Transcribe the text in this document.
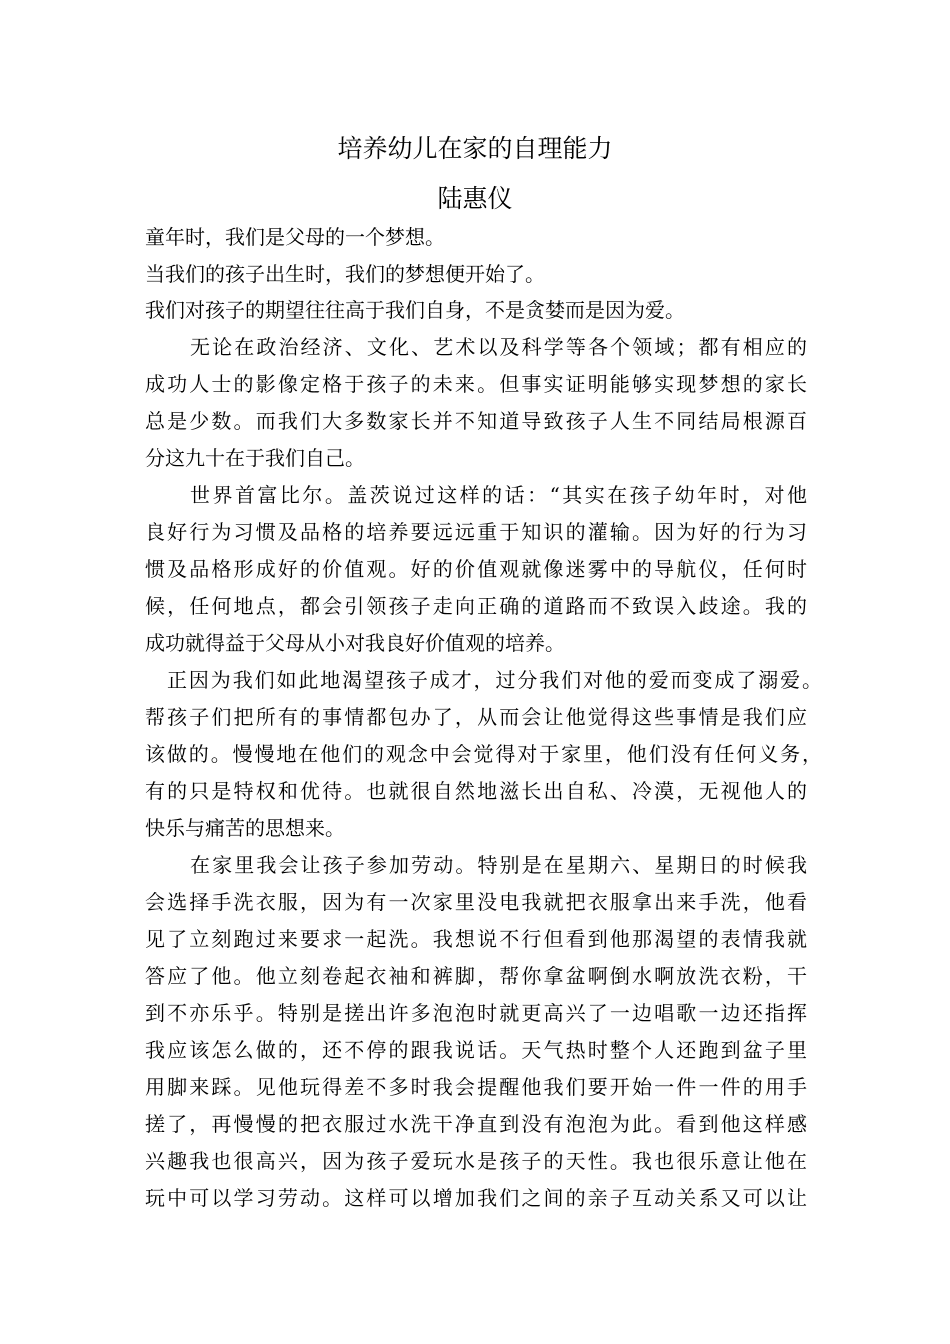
培养幼儿在家的自理能力
陆惠仪
童年时，我们是父母的一个梦想。
当我们的孩子出生时，我们的梦想便开始了。
我们对孩子的期望往往高于我们自身，不是贪婪而是因为爱。
无论在政治经济、文化、艺术以及科学等各个领域；都有相应的
成功人士的影像定格于孩子的未来。但事实证明能够实现梦想的家长
总是少数。而我们大多数家长并不知道导致孩子人生不同结局根源百
分这九十在于我们自己。
世界首富比尔。盖茨说过这样的话：“其实在孩子幼年时，对他
良好行为习惯及品格的培养要远远重于知识的灌输。因为好的行为习
惯及品格形成好的价值观。好的价值观就像迷雾中的导航仪，任何时
候，任何地点，都会引领孩子走向正确的道路而不致误入歧途。我的
成功就得益于父母从小对我良好价值观的培养。
正因为我们如此地渴望孩子成才，过分我们对他的爱而变成了溺爱。
帮孩子们把所有的事情都包办了，从而会让他觉得这些事情是我们应
该做的。慢慢地在他们的观念中会觉得对于家里，他们没有任何义务，
有的只是特权和优待。也就很自然地滋长出自私、冷漠，无视他人的
快乐与痛苦的思想来。
在家里我会让孩子参加劳动。特别是在星期六、星期日的时候我
会选择手洗衣服，因为有一次家里没电我就把衣服拿出来手洗，他看
见了立刻跑过来要求一起洗。我想说不行但看到他那渴望的表情我就
答应了他。他立刻卷起衣袖和裤脚，帮你拿盆啊倒水啊放洗衣粉，干
到不亦乐乎。特别是搓出许多泡泡时就更高兴了一边唱歌一边还指挥
我应该怎么做的，还不停的跟我说话。天气热时整个人还跑到盆子里
用脚来踩。见他玩得差不多时我会提醒他我们要开始一件一件的用手
搓了，再慢慢的把衣服过水洗干净直到没有泡泡为此。看到他这样感
兴趣我也很高兴，因为孩子爱玩水是孩子的天性。我也很乐意让他在
玩中可以学习劳动。这样可以增加我们之间的亲子互动关系又可以让
